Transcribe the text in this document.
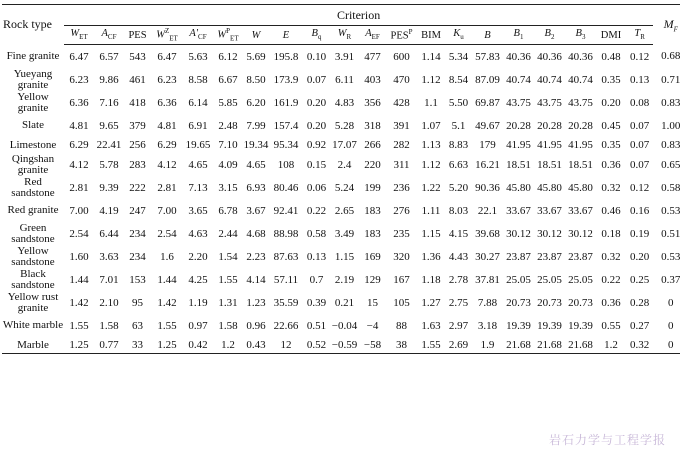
Rock type	Criterion																				$M_F$
	$W_{ET}$	$A_{CF}$	PES	$W^Z_{ET}$	$A'_{CF}$	$W^P_{ET}$	W	E	$B_q$	$W_R$	$A_{EF}$	$PES^P$	BIM	$K_u$	B	$B_1$	$B_2$	$B_3$	DMI	$T_R$
Fine granite	6.47	6.57	543	6.47	5.63	6.12	5.69	195.8	0.10	3.91	477	600	1.14	5.34	57.83	40.36	40.36	40.36	0.48	0.12	0.68
Yueyang granite	6.23	9.86	461	6.23	8.58	6.67	8.50	173.9	0.07	6.11	403	470	1.12	8.54	87.09	40.74	40.74	40.74	0.35	0.13	0.71
Yellow granite	6.36	7.16	418	6.36	6.14	5.85	6.20	161.9	0.20	4.83	356	428	1.1	5.50	69.87	43.75	43.75	43.75	0.20	0.08	0.83
Slate	4.81	9.65	379	4.81	6.91	2.48	7.99	157.4	0.20	5.28	318	391	1.07	5.1	49.67	20.28	20.28	20.28	0.45	0.07	1.00
Limestone	6.29	22.41	256	6.29	19.65	7.10	19.34	95.34	0.92	17.07	266	282	1.13	8.83	179	41.95	41.95	41.95	0.35	0.07	0.83
Qingshan granite	4.12	5.78	283	4.12	4.65	4.09	4.65	108	0.15	2.4	220	311	1.12	6.63	16.21	18.51	18.51	18.51	0.36	0.07	0.65
Red sandstone	2.81	9.39	222	2.81	7.13	3.15	6.93	80.46	0.06	5.24	199	236	1.22	5.20	90.36	45.80	45.80	45.80	0.32	0.12	0.58
Red granite	7.00	4.19	247	7.00	3.65	6.78	3.67	92.41	0.22	2.65	183	276	1.11	8.03	22.1	33.67	33.67	33.67	0.46	0.16	0.53
Green sandstone	2.54	6.44	234	2.54	4.63	2.44	4.68	88.98	0.58	3.49	183	235	1.15	4.15	39.68	30.12	30.12	30.12	0.18	0.19	0.51
Yellow sandstone	1.60	3.63	234	1.6	2.20	1.54	2.23	87.63	0.13	1.15	169	320	1.36	4.43	30.27	23.87	23.87	23.87	0.32	0.20	0.53
Black sandstone	1.44	7.01	153	1.44	4.25	1.55	4.14	57.11	0.7	2.19	129	167	1.18	2.78	37.81	25.05	25.05	25.05	0.22	0.25	0.37
Yellow rust granite	1.42	2.10	95	1.42	1.19	1.31	1.23	35.59	0.39	0.21	15	105	1.27	2.75	7.88	20.73	20.73	20.73	0.36	0.28	0
White marble	1.55	1.58	63	1.55	0.97	1.58	0.96	22.66	0.51	−0.04	−4	88	1.63	2.97	3.18	19.39	19.39	19.39	0.55	0.27	0
Marble	1.25	0.77	33	1.25	0.42	1.2	0.43	12	0.52	−0.59	−58	38	1.55	2.69	1.9	21.68	21.68	21.68	1.2	0.32	0
岩石力学与工程学报
